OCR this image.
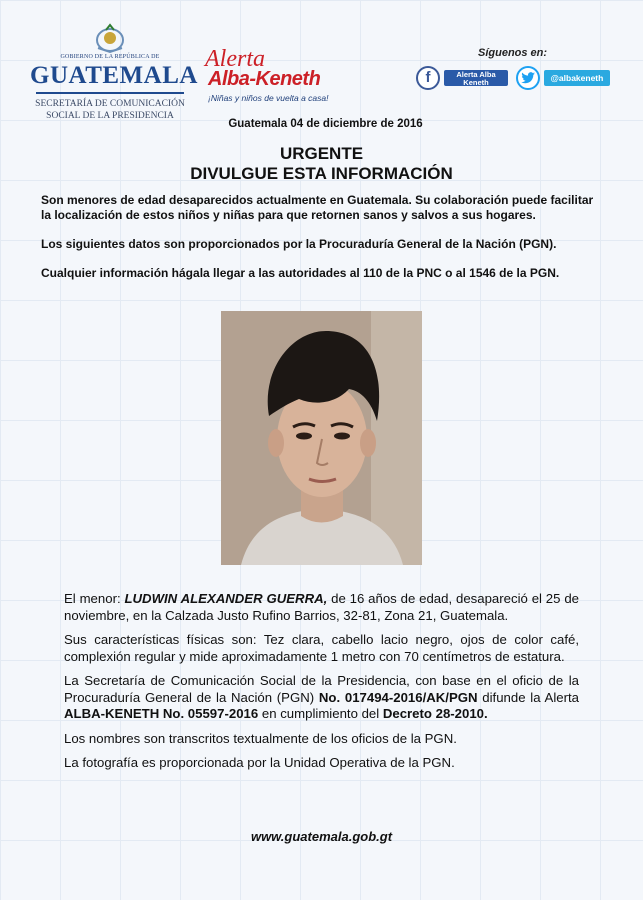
GOBIERNO DE LA REPÚBLICA DE
GUATEMALA
SECRETARÍA DE COMUNICACIÓN
SOCIAL DE LA PRESIDENCIA
Alerta
Alba-Keneth
¡Niñas y niños de vuelta a casa!
Síguenos en:
f	Alerta Alba
Keneth	@albakeneth
Guatemala 04 de diciembre de 2016
URGENTE
DIVULGUE ESTA INFORMACIÓN

Son menores de edad desaparecidos actualmente en Guatemala. Su colaboración puede facilitar la localización de estos niños y niñas para que retornen sanos y salvos a sus hogares.

Los siguientes datos son proporcionados por la Procuraduría General de la Nación (PGN).

Cualquier información hágala llegar a las autoridades al 110 de la PNC o al 1546 de la PGN.

El menor: LUDWIN ALEXANDER GUERRA, de 16 años de edad, desapareció el 25 de noviembre, en la Calzada Justo Rufino Barrios, 32-81, Zona 21, Guatemala.

Sus características físicas son: Tez clara, cabello lacio negro, ojos de color café, complexión regular y mide aproximadamente 1 metro con 70 centímetros de estatura.

La Secretaría de Comunicación Social de la Presidencia, con base en el oficio de la Procuraduría General de la Nación (PGN) No. 017494-2016/AK/PGN difunde la Alerta ALBA-KENETH No. 05597-2016 en cumplimiento del Decreto 28-2010.

Los nombres son transcritos textualmente de los oficios de la PGN.

La fotografía es proporcionada por la Unidad Operativa de la PGN.

www.guatemala.gob.gt
